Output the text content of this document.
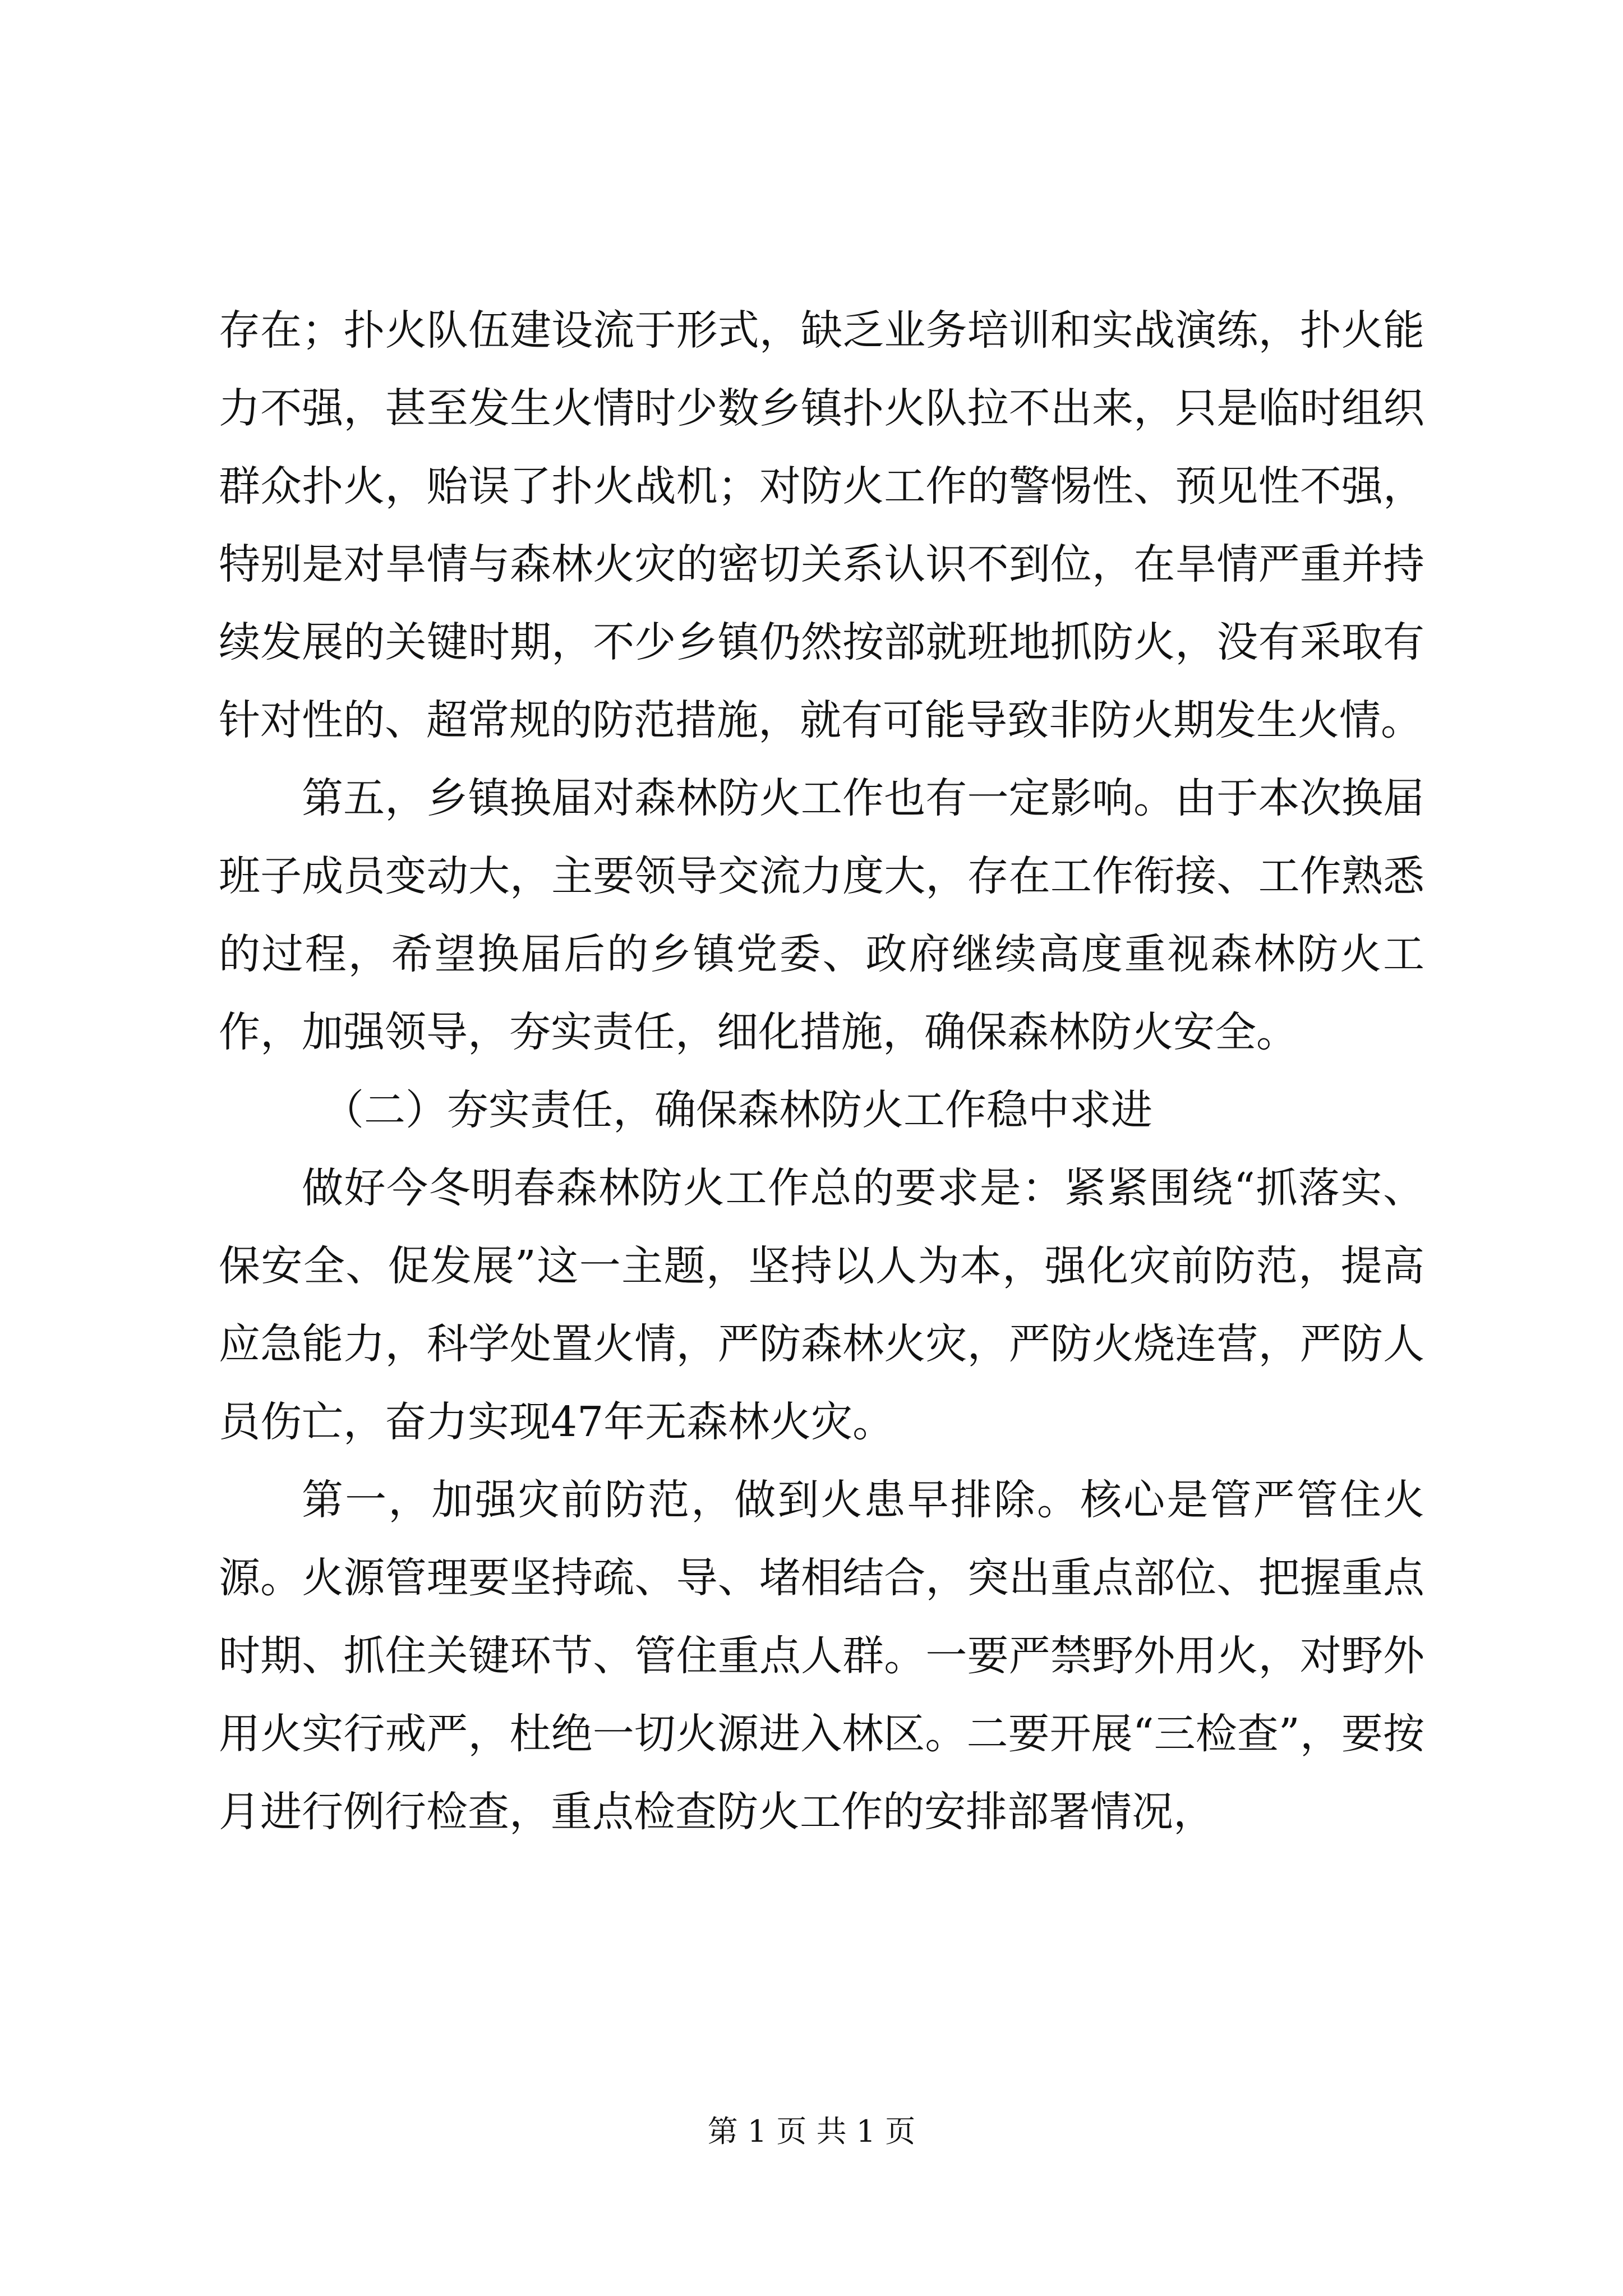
存在；扑火队伍建设流于形式，缺乏业务培训和实战演练，扑火能力不强，甚至发生火情时少数乡镇扑火队拉不出来，只是临时组织群众扑火，贻误了扑火战机；对防火工作的警惕性、预见性不强，特别是对旱情与森林火灾的密切关系认识不到位，在旱情严重并持续发展的关键时期，不少乡镇仍然按部就班地抓防火，没有采取有针对性的、超常规的防范措施，就有可能导致非防火期发生火情。

第五，乡镇换届对森林防火工作也有一定影响。由于本次换届班子成员变动大，主要领导交流力度大，存在工作衔接、工作熟悉的过程，希望换届后的乡镇党委、政府继续高度重视森林防火工作，加强领导，夯实责任，细化措施，确保森林防火安全。

（二）夯实责任，确保森林防火工作稳中求进

做好今冬明春森林防火工作总的要求是：紧紧围绕“抓落实、保安全、促发展”这一主题，坚持以人为本，强化灾前防范，提高应急能力，科学处置火情，严防森林火灾，严防火烧连营，严防人员伤亡，奋力实现47年无森林火灾。

第一，加强灾前防范，做到火患早排除。核心是管严管住火源。火源管理要坚持疏、导、堵相结合，突出重点部位、把握重点时期、抓住关键环节、管住重点人群。一要严禁野外用火，对野外用火实行戒严，杜绝一切火源进入林区。二要开展“三检查”，要按月进行例行检查，重点检查防火工作的安排部署情况，

第 1 页 共 1 页
